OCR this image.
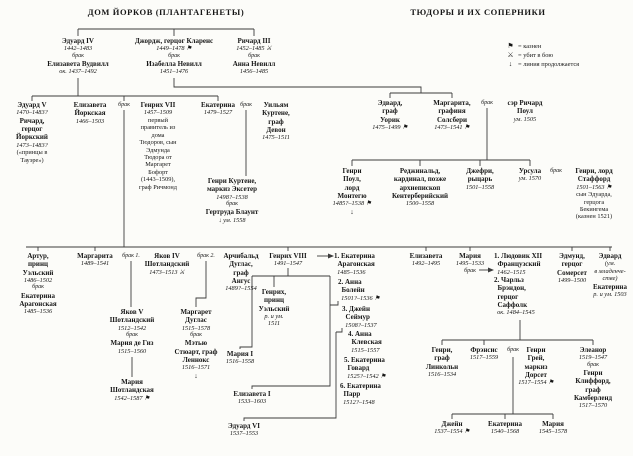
ДОМ ЙОРКОВ (ПЛАНТАГЕНЕТЫ)	ТЮДОРЫ И ИХ СОПЕРНИКИ
⚑ = казнен
⚔ = убит в бою
↓ = линия продолжается
Эдуард IV
1442–1483
брак
Елизавета Вудвилл
ок. 1437–1492
Джордж, герцог Кларенс
1449–1478 ⚑
брак
Изабелла Невилл
1451–1476
Ричард III
1452–1485 ⚔
брак
Анна Невилл
1456–1485
Эдуард V
1470–1483?
Ричард,
герцог
Йоркский
1473–1483?
(«принцы в
Тауэре»)
Елизавета
Йоркская
1466–1503
брак Генрих VII
1457–1509
первый
правитель из
дома
Тюдоров, сын
Эдмунда
Тюдора от
Маргарет
Бофорт
(1443–1509),
граф Ричмонд
Екатерина
1479–1527
брак Уильям
Куртене,
граф
Девон
1475–1511
Генри Куртене,
маркиз Эксетер
1498?–1538
брак
Гертруда Блаунт
↓ ум. 1558
Эдвард,
граф
Уорик
1475–1499 ⚑
Маргарита,
графиня
Солсбери
1473–1541 ⚑
брак сэр Ричард
Поул
ум. 1505
Генри
Поул,
лорд
Монтегю
1485?–1538 ⚑
↓
Реджинальд,
кардинал, позже
архиепископ
Кентерберийский
1500–1558
Джефри,
рыцарь
1501–1558
Урсула
ум. 1570
брак Генри, лорд
Стаффорд
1501–1563 ⚑
сын Эдуарда,
герцога
Бекингема
(казнен 1521)
Артур,
принц
Уэльский
1486–1502
брак
Екатерина
Арагонская
1485–1536
Маргарита
1489–1541
брак 1. Яков IV
Шотландский
1473–1513 ⚔
брак 2. Арчибальд
Дуглас,
граф
Ангус
1489?–1554
Генрих VIII
1491–1547
Генрих,
принц
Уэльский
р. и ум.
1511
Мария I
1516–1558
Елизавета I
1533–1603
Эдуард VI
1537–1553
1. Екатерина
Арагонская
1485–1536
2. Анна
Болейн
1501?–1536 ⚑
3. Джейн
Сеймур
1508?–1537
4. Анна
Клевская
1515–1557
5. Екатерина
Говард
1525?–1542 ⚑
6. Екатерина
Парр
1512?–1548
Елизавета
1492–1495
Мария
1495–1533
брак
1. Людовик XII
Французский
1462–1515
2. Чарльз
Брэндон,
герцог
Саффолк
ок. 1484–1545
Эдмунд,
герцог
Сомерсет
1499–1500
Эдвард
(ум.
в младенче-
стве)
Екатерина
р. и ум. 1503
Яков V
Шотландский
1512–1542
брак
Мария де Гиз
1515–1560
Мария
Шотландская
1542–1587 ⚑
Маргарет
Дуглас
1515–1578
брак
Мэтью
Стюарт, граф
Леннокс
1516–1571
↓
Генри,
граф
Линкольн
1516–1534
Фрэнсис
1517–1559
брак Генри
Грей,
маркиз
Дорсет
1517–1554 ⚑
Элеанор
1519–1547
брак
Генри
Клиффорд,
граф
Камберленд
1517–1570
Джейн
1537–1554 ⚑
Екатерина
1540–1568
Мария
1545–1578
